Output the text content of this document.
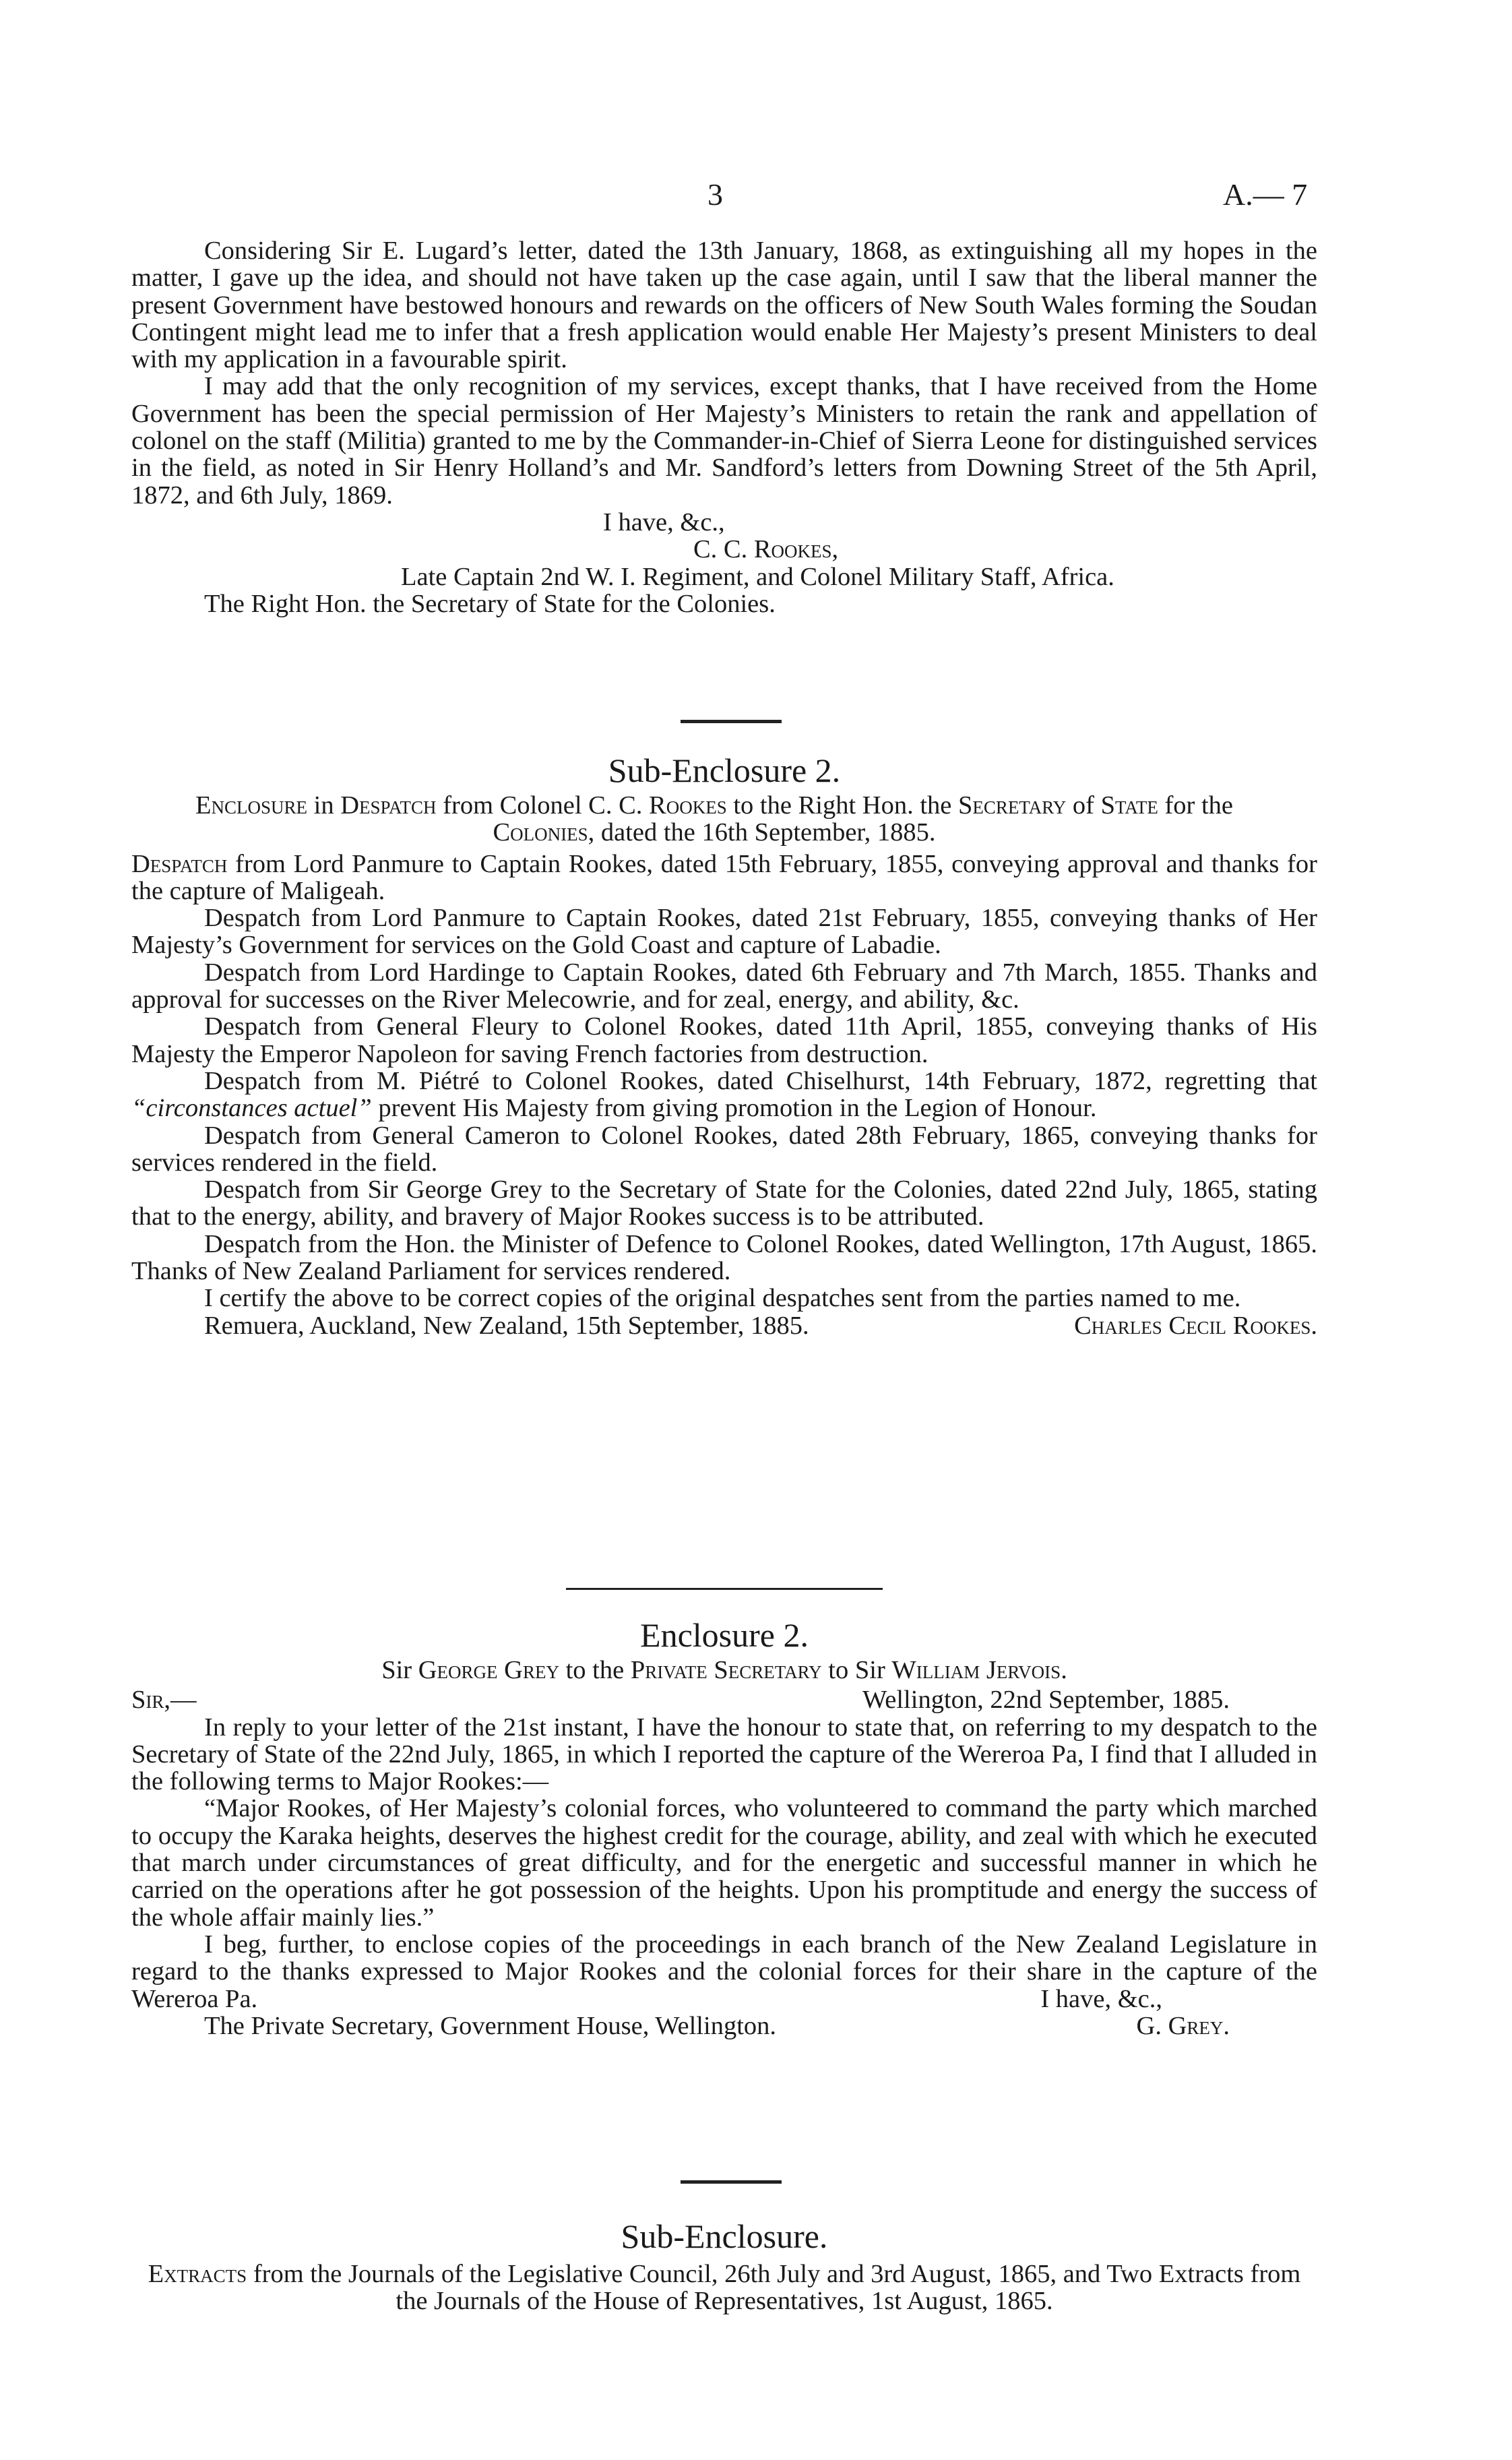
3	A.— 7

Considering Sir E. Lugard’s letter, dated the 13th January, 1868, as extinguishing all my hopes in the matter, I gave up the idea, and should not have taken up the case again, until I saw that the liberal manner the present Government have bestowed honours and rewards on the officers of New South Wales forming the Soudan Contingent might lead me to infer that a fresh application would enable Her Majesty’s present Ministers to deal with my application in a favourable spirit.

I may add that the only recognition of my services, except thanks, that I have received from the Home Government has been the special permission of Her Majesty’s Ministers to retain the rank and appellation of colonel on the staff (Militia) granted to me by the Commander-in-Chief of Sierra Leone for distinguished services in the field, as noted in Sir Henry Holland’s and Mr. Sandford’s letters from Downing Street of the 5th April, 1872, and 6th July, 1869.

I have, &c.,
C. C. Rookes,
Late Captain 2nd W. I. Regiment, and Colonel Military Staff, Africa.
The Right Hon. the Secretary of State for the Colonies.
Sub-Enclosure 2.
Enclosure in Despatch from Colonel C. C. Rookes to the Right Hon. the Secretary of State for the Colonies, dated the 16th September, 1885.

Despatch from Lord Panmure to Captain Rookes, dated 15th February, 1855, conveying approval and thanks for the capture of Maligeah.

Despatch from Lord Panmure to Captain Rookes, dated 21st February, 1855, conveying thanks of Her Majesty’s Government for services on the Gold Coast and capture of Labadie.

Despatch from Lord Hardinge to Captain Rookes, dated 6th February and 7th March, 1855. Thanks and approval for successes on the River Melecowrie, and for zeal, energy, and ability, &c.

Despatch from General Fleury to Colonel Rookes, dated 11th April, 1855, conveying thanks of His Majesty the Emperor Napoleon for saving French factories from destruction.

Despatch from M. Piétré to Colonel Rookes, dated Chiselhurst, 14th February, 1872, regretting that “circonstances actuel” prevent His Majesty from giving promotion in the Legion of Honour.

Despatch from General Cameron to Colonel Rookes, dated 28th February, 1865, conveying thanks for services rendered in the field.

Despatch from Sir George Grey to the Secretary of State for the Colonies, dated 22nd July, 1865, stating that to the energy, ability, and bravery of Major Rookes success is to be attributed.

Despatch from the Hon. the Minister of Defence to Colonel Rookes, dated Wellington, 17th August, 1865. Thanks of New Zealand Parliament for services rendered.

I certify the above to be correct copies of the original despatches sent from the parties named to me.
Charles Cecil Rookes.

Remuera, Auckland, New Zealand, 15th September, 1885.
Enclosure 2.
Sir George Grey to the Private Secretary to Sir William Jervois.
Sir,—	Wellington, 22nd September, 1885.

In reply to your letter of the 21st instant, I have the honour to state that, on referring to my despatch to the Secretary of State of the 22nd July, 1865, in which I reported the capture of the Wereroa Pa, I find that I alluded in the following terms to Major Rookes:—

“Major Rookes, of Her Majesty’s colonial forces, who volunteered to command the party which marched to occupy the Karaka heights, deserves the highest credit for the courage, ability, and zeal with which he executed that march under circumstances of great difficulty, and for the energetic and successful manner in which he carried on the operations after he got possession of the heights. Upon his promptitude and energy the success of the whole affair mainly lies.”

I beg, further, to enclose copies of the proceedings in each branch of the New Zealand Legislature in regard to the thanks expressed to Major Rookes and the colonial forces for their share in the capture of the Wereroa Pa.	I have, &c.,

The Private Secretary, Government House, Wellington.	G. Grey.
Sub-Enclosure.
Extracts from the Journals of the Legislative Council, 26th July and 3rd August, 1865, and Two Extracts from the Journals of the House of Representatives, 1st August, 1865.
